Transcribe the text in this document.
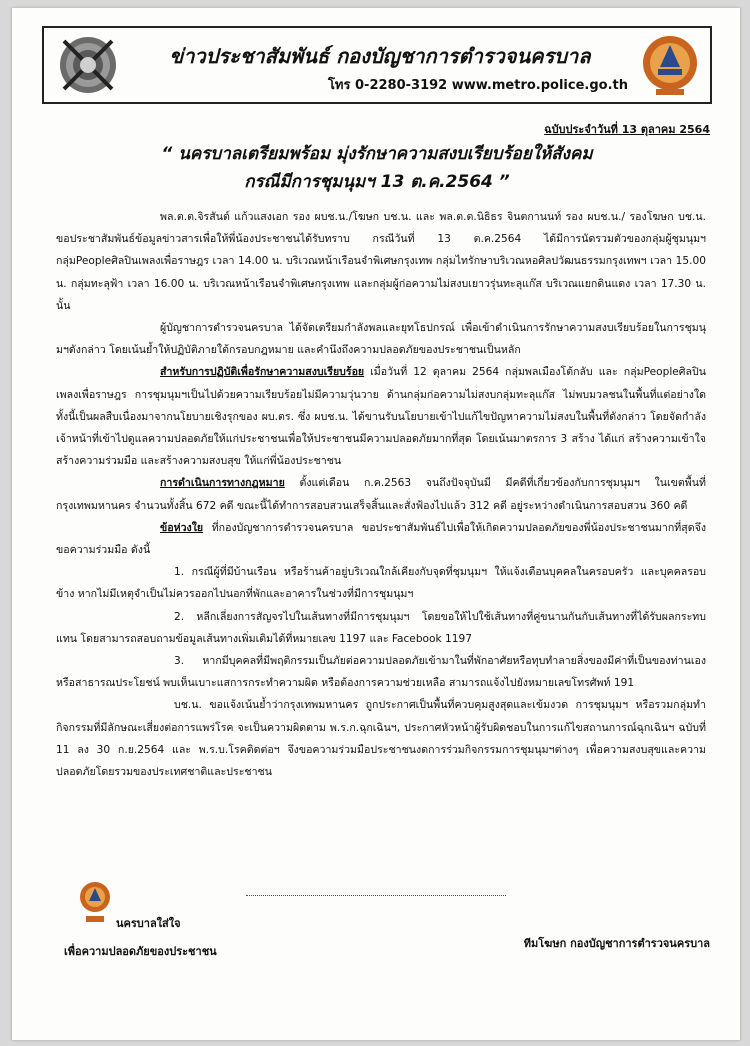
ข่าวประชาสัมพันธ์ กองบัญชาการตำรวจนครบาล
โทร 0-2280-3192 www.metro.police.go.th
ฉบับประจำวันที่ 13 ตุลาคม 2564
“ นครบาลเตรียมพร้อม มุ่งรักษาความสงบเรียบร้อยให้สังคม
กรณีมีการชุมนุมฯ 13 ต.ค.2564 ”

พล.ต.ต.จิรสันต์ แก้วแสงเอก รอง ผบช.น./โฆษก บช.น. และ พล.ต.ต.นิธิธร จินตกานนท์ รอง ผบช.น./ รองโฆษก บช.น. ขอประชาสัมพันธ์ข้อมูลข่าวสารเพื่อให้พี่น้องประชาชนได้รับทราบ กรณีวันที่ 13 ต.ค.2564 ได้มีการนัดรวมตัวของกลุ่มผู้ชุมนุมฯ กลุ่มPeopleศิลปินเพลงเพื่อราษฎร เวลา 14.00 น. บริเวณหน้าเรือนจำพิเศษกรุงเทพ กลุ่มไทรักษาบริเวณหอศิลปวัฒนธรรมกรุงเทพฯ เวลา 15.00 น. กลุ่มทะลุฟ้า เวลา 16.00 น. บริเวณหน้าเรือนจำพิเศษกรุงเทพ และกลุ่มผู้ก่อความไม่สงบเยาวรุ่นทะลุแก๊ส บริเวณแยกดินแดง เวลา 17.30 น. นั้น

ผู้บัญชาการตำรวจนครบาล ได้จัดเตรียมกำลังพลและยุทโธปกรณ์ เพื่อเข้าดำเนินการรักษาความสงบเรียบร้อยในการชุมนุมฯดังกล่าว โดยเน้นย้ำให้ปฏิบัติภายใต้กรอบกฎหมาย และคำนึงถึงความปลอดภัยของประชาชนเป็นหลัก

สำหรับการปฏิบัติเพื่อรักษาความสงบเรียบร้อย เมื่อวันที่ 12 ตุลาคม 2564 กลุ่มพลเมืองโต้กลับ และ กลุ่มPeopleศิลปินเพลงเพื่อราษฎร การชุมนุมฯเป็นไปด้วยความเรียบร้อยไม่มีความวุ่นวาย ด้านกลุ่มก่อความไม่สงบกลุ่มทะลุแก๊ส ไม่พบมวลชนในพื้นที่แต่อย่างใด ทั้งนี้เป็นผลสืบเนื่องมาจากนโยบายเชิงรุกของ ผบ.ตร. ซึ่ง ผบช.น. ได้ขานรับนโยบายเข้าไปแก้ไขปัญหาความไม่สงบในพื้นที่ดังกล่าว โดยจัดกำลังเจ้าหน้าที่เข้าไปดูแลความปลอดภัยให้แก่ประชาชนเพื่อให้ประชาชนมีความปลอดภัยมากที่สุด โดยเน้นมาตรการ 3 สร้าง ได้แก่ สร้างความเข้าใจ สร้างความร่วมมือ และสร้างความสงบสุข ให้แก่พี่น้องประชาชน

การดำเนินการทางกฎหมาย ตั้งแต่เดือน ก.ค.2563 จนถึงปัจจุบันมี มีคดีที่เกี่ยวข้องกับการชุมนุมฯ ในเขตพื้นที่กรุงเทพมหานคร จำนวนทั้งสิ้น 672 คดี ขณะนี้ได้ทำการสอบสวนเสร็จสิ้นและสั่งฟ้องไปแล้ว 312 คดี อยู่ระหว่างดำเนินการสอบสวน 360 คดี

ข้อห่วงใย ที่กองบัญชาการตำรวจนครบาล ขอประชาสัมพันธ์ไปเพื่อให้เกิดความปลอดภัยของพี่น้องประชาชนมากที่สุดจึงขอความร่วมมือ ดังนี้

1. กรณีผู้ที่มีบ้านเรือน หรือร้านค้าอยู่บริเวณใกล้เคียงกับจุดที่ชุมนุมฯ ให้แจ้งเตือนบุคคลในครอบครัว และบุคคลรอบข้าง หากไม่มีเหตุจำเป็นไม่ควรออกไปนอกที่พักและอาคารในช่วงที่มีการชุมนุมฯ

2. หลีกเลี่ยงการสัญจรไปในเส้นทางที่มีการชุมนุมฯ โดยขอให้ไปใช้เส้นทางที่คู่ขนานกันกับเส้นทางที่ได้รับผลกระทบแทน โดยสามารถสอบถามข้อมูลเส้นทางเพิ่มเติมได้ที่หมายเลข 1197 และ Facebook 1197

3. หากมีบุคคลที่มีพฤติกรรมเป็นภัยต่อความปลอดภัยเข้ามาในที่พักอาศัยหรือทุบทำลายสิ่งของมีค่าที่เป็นของท่านเองหรือสาธารณประโยชน์ พบเห็นเบาะแสการกระทำความผิด หรือต้องการความช่วยเหลือ สามารถแจ้งไปยังหมายเลขโทรศัพท์ 191

บช.น. ขอแจ้งเน้นย้ำว่ากรุงเทพมหานคร ถูกประกาศเป็นพื้นที่ควบคุมสูงสุดและเข้มงวด การชุมนุมฯ หรือรวมกลุ่มทำกิจกรรมที่มีลักษณะเสี่ยงต่อการแพร่โรค จะเป็นความผิดตาม พ.ร.ก.ฉุกเฉินฯ, ประกาศหัวหน้าผู้รับผิดชอบในการแก้ไขสถานการณ์ฉุกเฉินฯ ฉบับที่ 11 ลง 30 ก.ย.2564 และ พ.ร.บ.โรคติดต่อฯ จึงขอความร่วมมือประชาชนงดการร่วมกิจกรรมการชุมนุมฯต่างๆ เพื่อความสงบสุขและความปลอดภัยโดยรวมของประเทศชาติและประชาชน

นครบาลใส่ใจ
เพื่อความปลอดภัยของประชาชน
ทีมโฆษก กองบัญชาการตำรวจนครบาล
